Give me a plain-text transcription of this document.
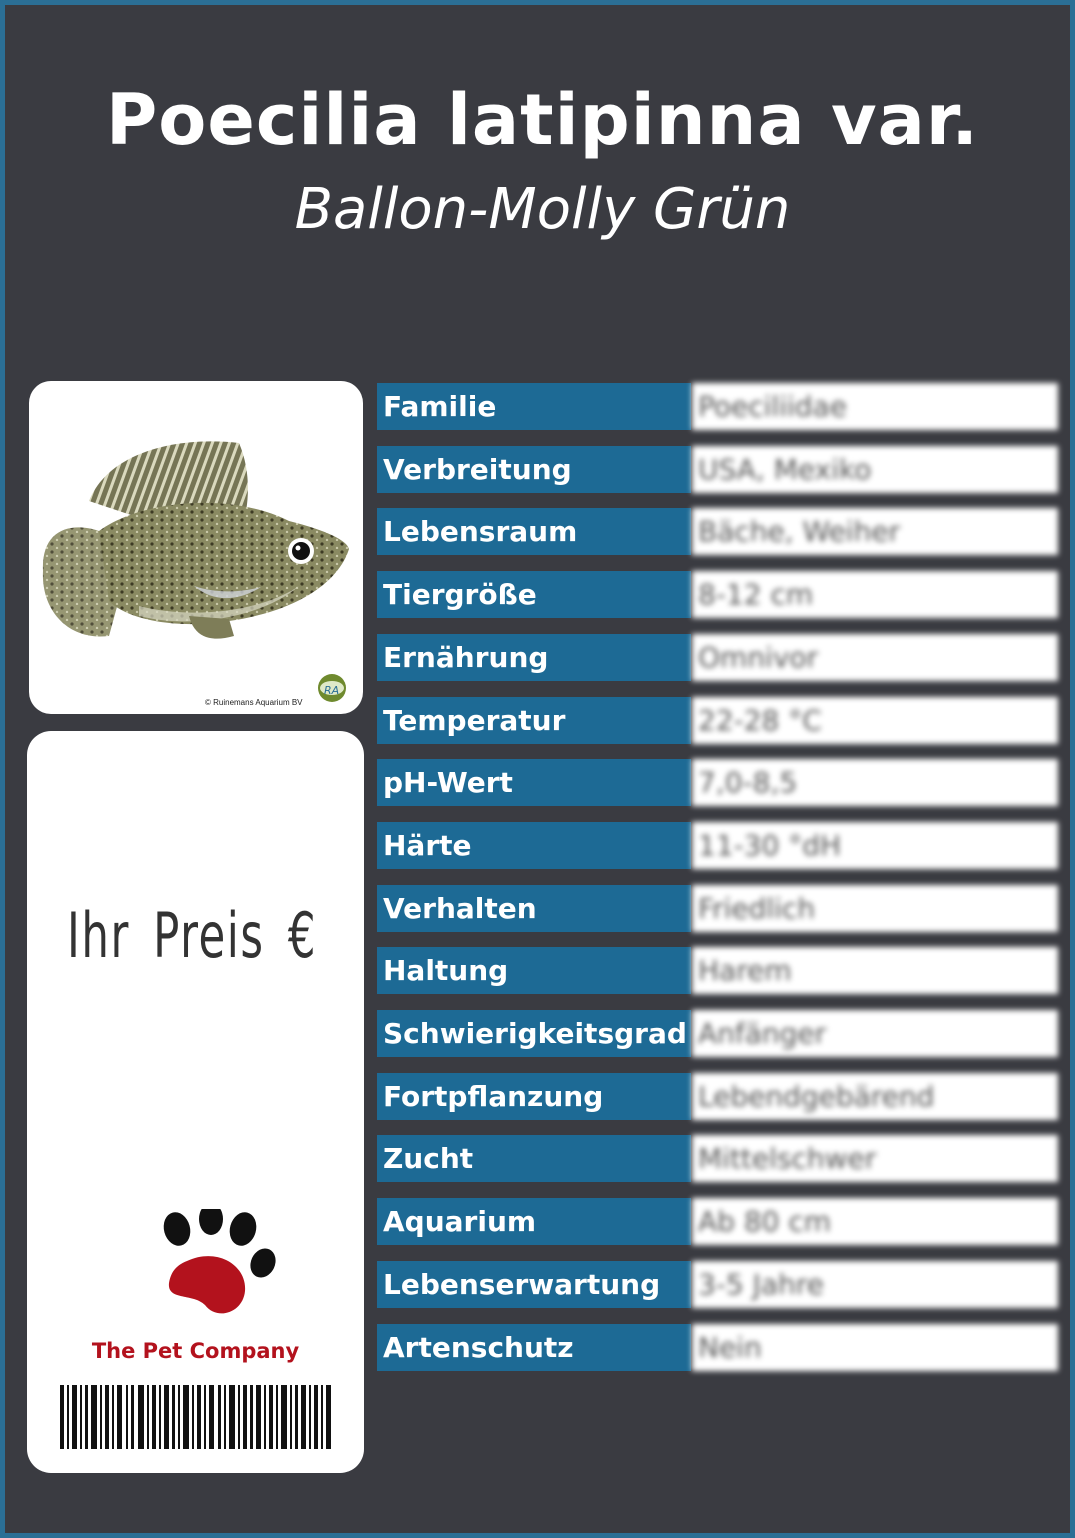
Poecilia latipinna var.
Ballon-Molly Grün
RA
© Ruinemans Aquarium BV
Ihr Preis €
The Pet Company
Familie	Poeciliidae
Verbreitung	USA, Mexiko
Lebensraum	Bäche, Weiher
Tiergröße	8-12 cm
Ernährung	Omnivor
Temperatur	22-28 °C
pH-Wert	7,0-8,5
Härte	11-30 °dH
Verhalten	Friedlich
Haltung	Harem
Schwierigkeitsgrad Anfänger
Fortpflanzung	Lebendgebärend
Zucht	Mittelschwer
Aquarium	Ab 80 cm
Lebenserwartung	3-5 Jahre
Artenschutz	Nein
